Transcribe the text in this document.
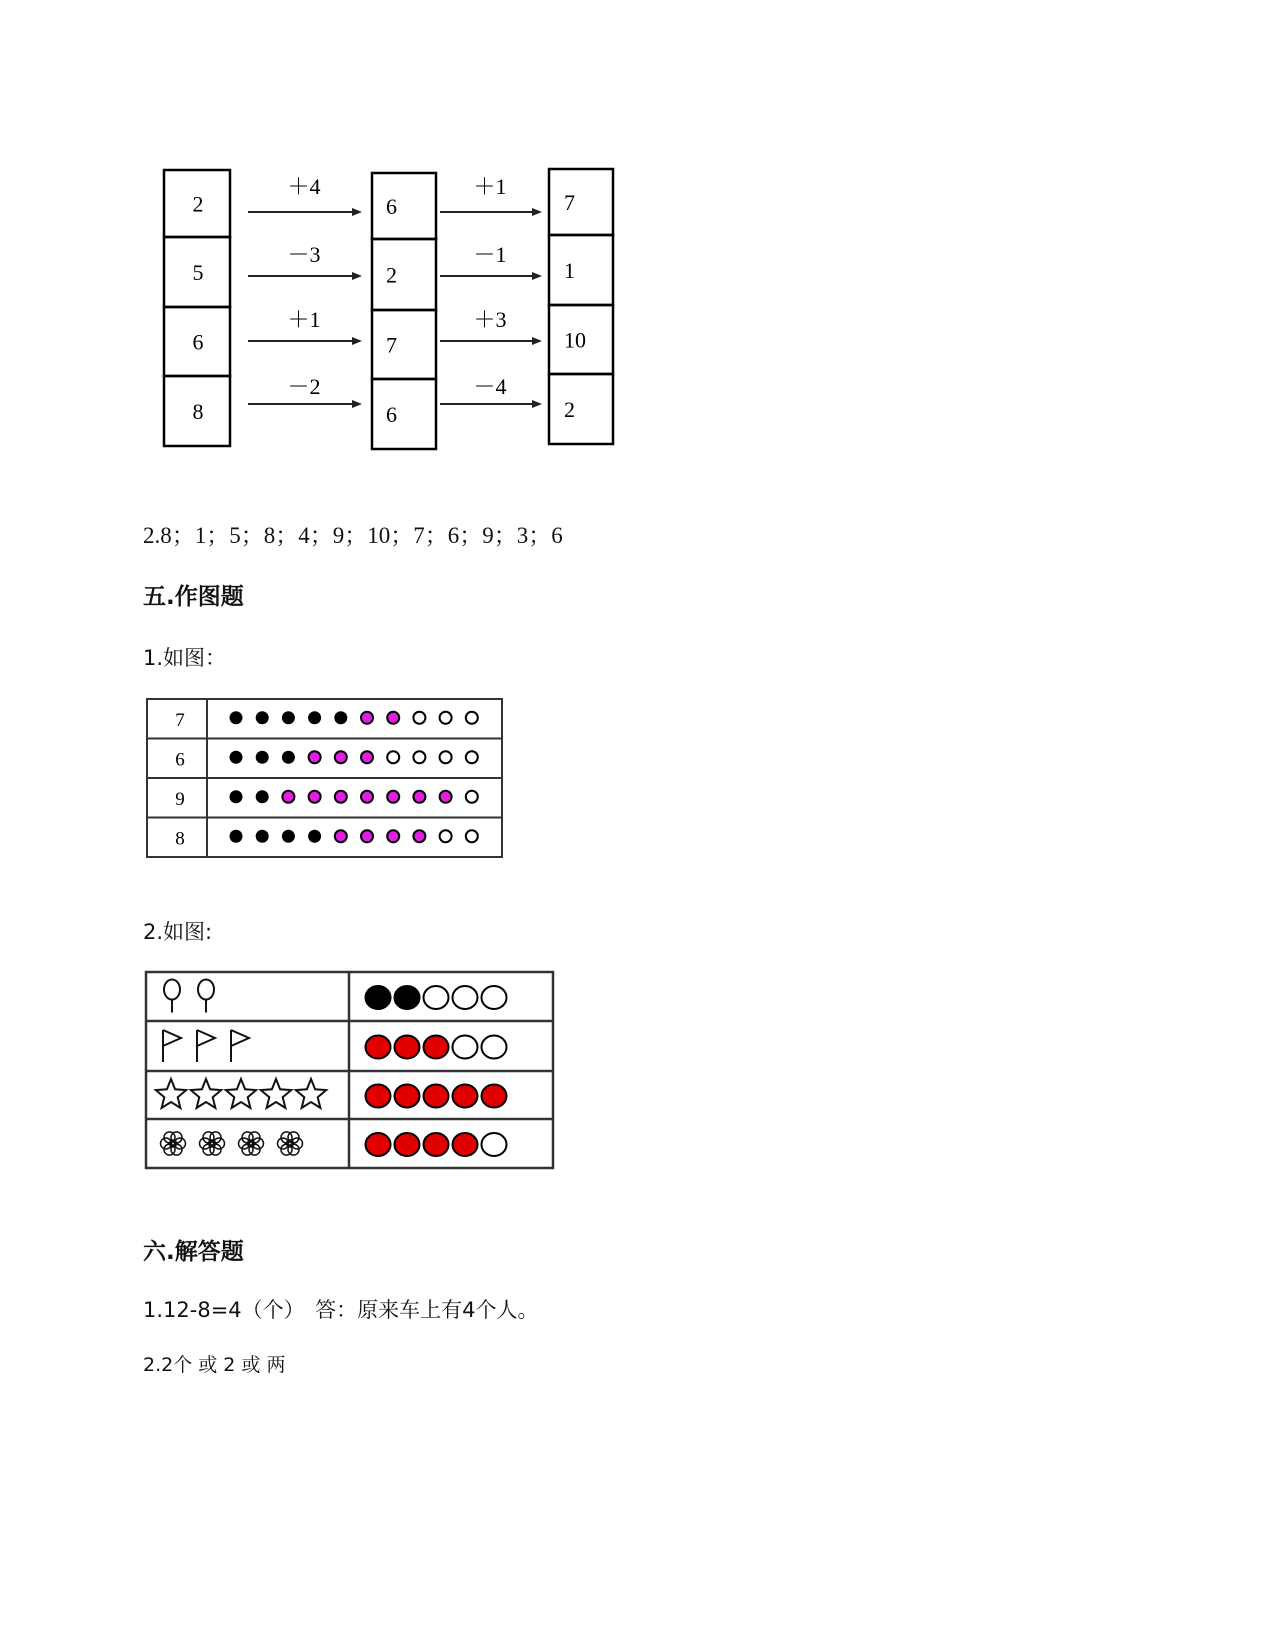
2
5
6
8
6
2
7
6
7
1
10
2
＋4
－3
＋1
－2
＋1
－1
＋3
－4
2.8；1；5；8；4；9；10；7；6；9；3；6
五.作图题
1.如图：
7
6
9
8
2.如图:
六.解答题
1.12-8=4（个）　答：原来车上有4个人。
2.2个 或 2 或 两
